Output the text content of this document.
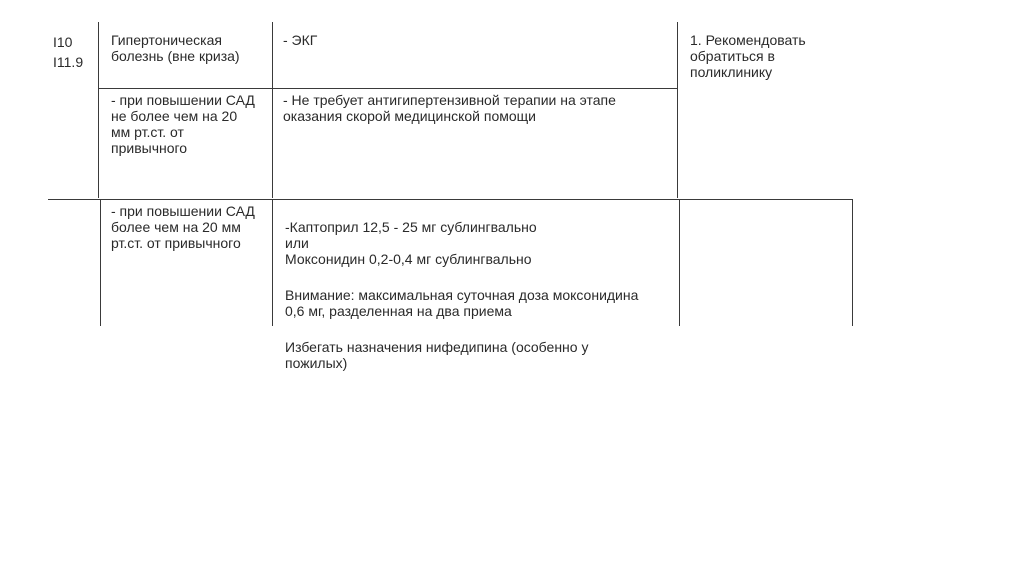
I10
I11.9
Гипертоническая
болезнь (вне криза)
- ЭКГ	1. Рекомендовать
обратиться в
поликлинику
- при повышении САД
не более чем на 20
мм рт.ст. от
привычного
- Не требует антигипертензивной терапии на этапе
оказания скорой медицинской помощи
- при повышении САД
более чем на 20 мм
рт.ст. от привычного

-Каптоприл 12,5 - 25 мг сублингвально
или
Моксонидин 0,2-0,4 мг сублингвально

Внимание: максимальная суточная доза моксонидина
0,6 мг, разделенная на два приема

Избегать назначения нифедипина (особенно у
пожилых)
